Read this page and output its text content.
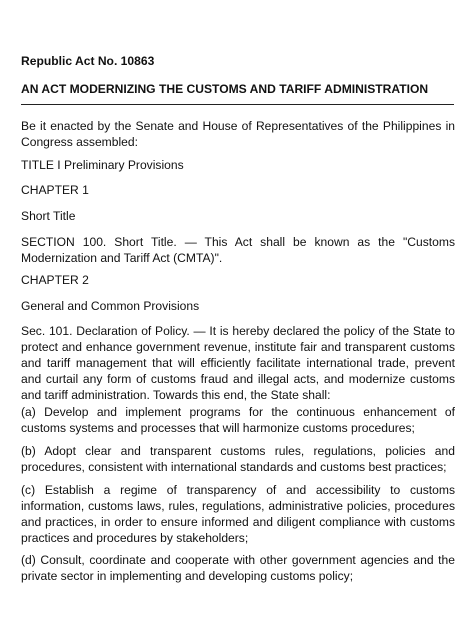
Republic Act No. 10863

AN ACT MODERNIZING THE CUSTOMS AND TARIFF ADMINISTRATION

Be it enacted by the Senate and House of Representatives of the Philippines in Congress assembled:

TITLE I Preliminary Provisions

CHAPTER 1

Short Title

SECTION 100. Short Title. — This Act shall be known as the "Customs Modernization and Tariff Act (CMTA)".

CHAPTER 2

General and Common Provisions

Sec. 101. Declaration of Policy. — It is hereby declared the policy of the State to protect and enhance government revenue, institute fair and transparent customs and tariff management that will efficiently facilitate international trade, prevent and curtail any form of customs fraud and illegal acts, and modernize customs and tariff administration. Towards this end, the State shall:

(a) Develop and implement programs for the continuous enhancement of customs systems and processes that will harmonize customs procedures;

(b) Adopt clear and transparent customs rules, regulations, policies and procedures, consistent with international standards and customs best practices;

(c) Establish a regime of transparency of and accessibility to customs information, customs laws, rules, regulations, administrative policies, procedures and practices, in order to ensure informed and diligent compliance with customs practices and procedures by stakeholders;

(d) Consult, coordinate and cooperate with other government agencies and the private sector in implementing and developing customs policy;
